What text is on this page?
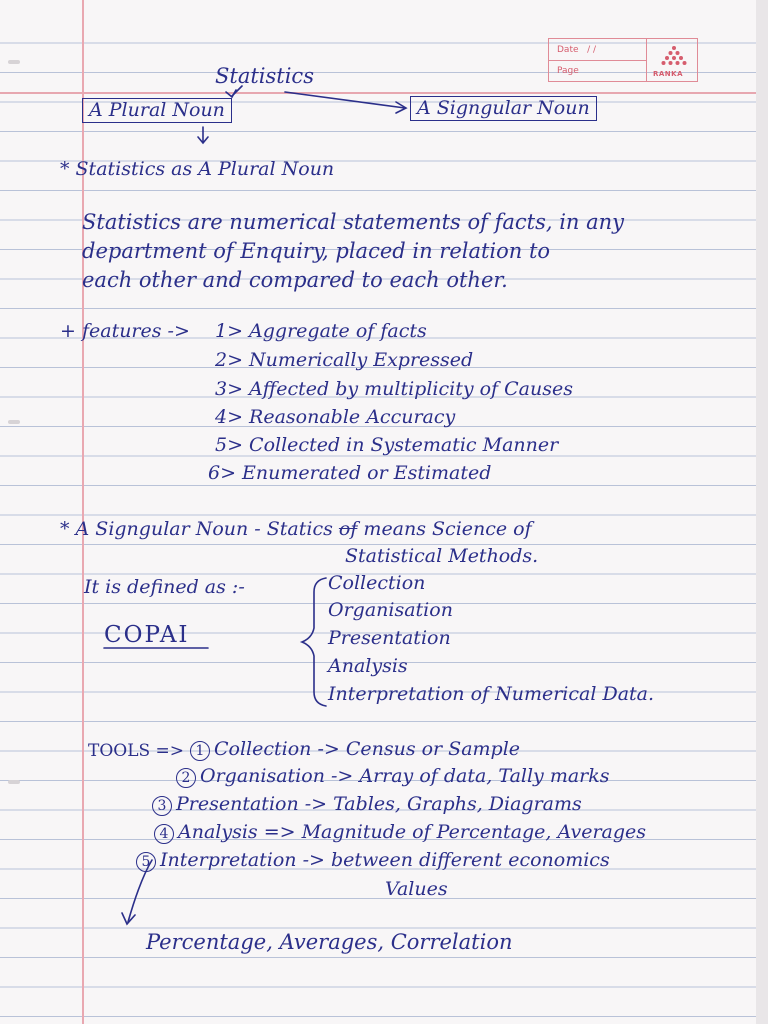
Date / /
Page	RANKA
Statistics
A Plural Noun	A Signgular Noun
* Statistics as A Plural Noun
Statistics are numerical statements of facts, in any
department of Enquiry, placed in relation to
each other and compared to each other.
+ features -> 1> Aggregate of facts
2> Numerically Expressed
3> Affected by multiplicity of Causes
4> Reasonable Accuracy
5> Collected in Systematic Manner
6> Enumerated or Estimated
* A Signgular Noun - Statics of means Science of
Statistical Methods.
It is defined as :-
COPAI
Collection
Organisation
Presentation
Analysis
Interpretation of Numerical Data.
TOOLS => 1 Collection -> Census or Sample
2 Organisation -> Array of data, Tally marks
3 Presentation -> Tables, Graphs, Diagrams
4 Analysis => Magnitude of Percentage, Averages
5 Interpretation -> between different economics
Values
Percentage, Averages, Correlation
